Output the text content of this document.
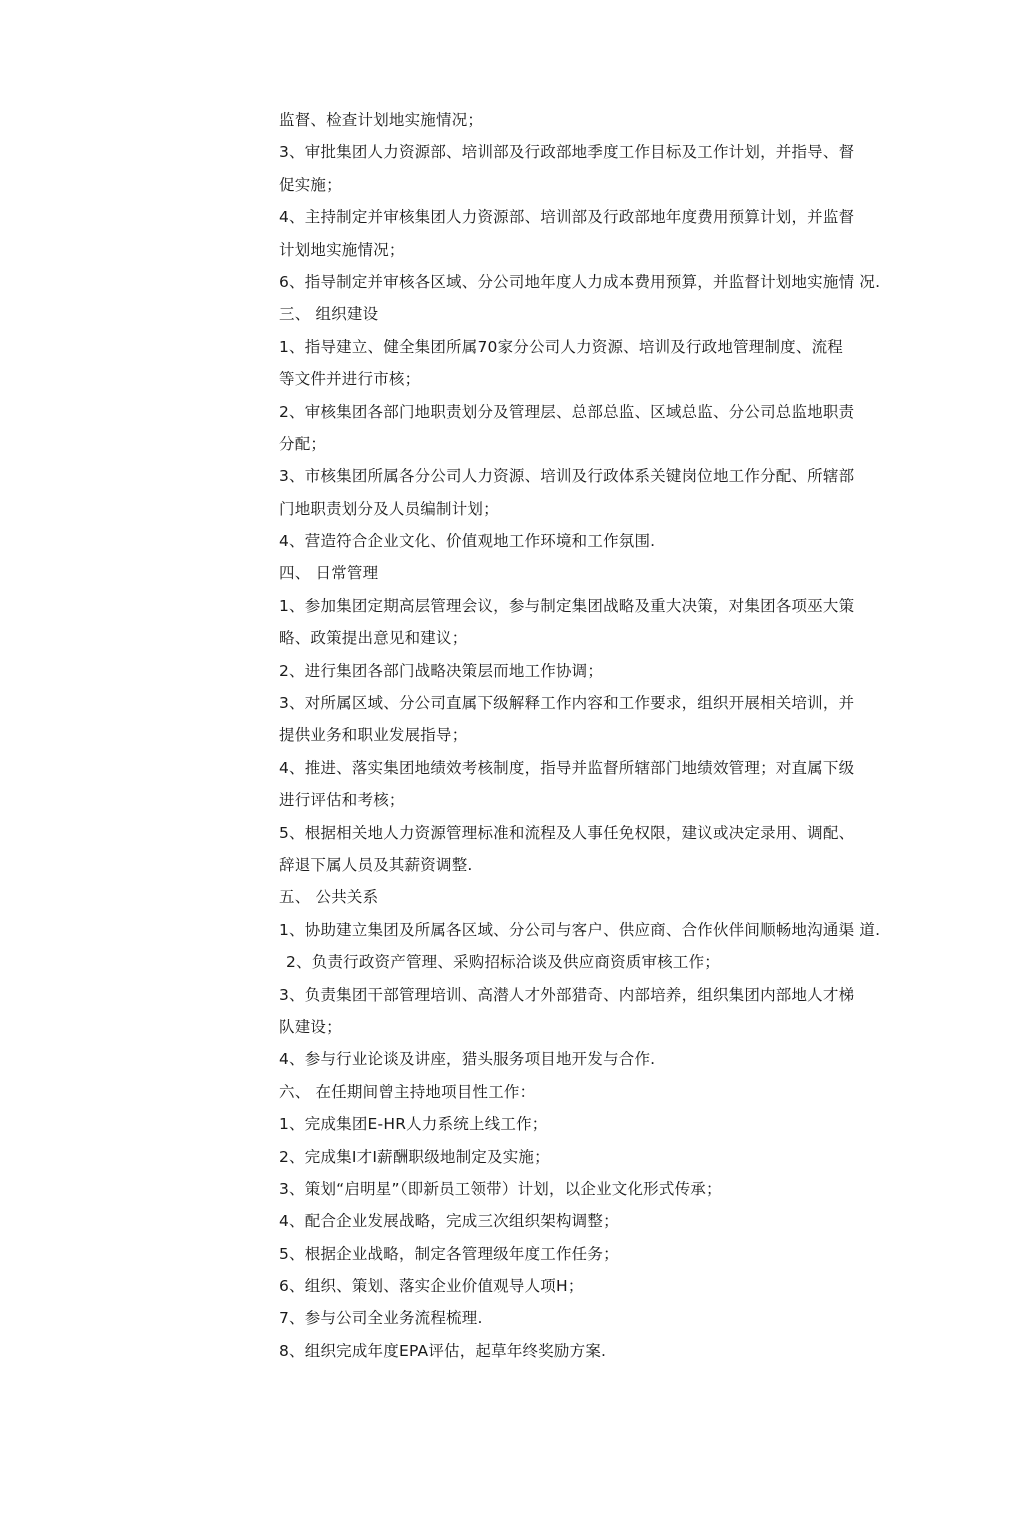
监督、检查计划地实施情况；
3、审批集团人力资源部、培训部及行政部地季度工作目标及工作计划，并指导、督
促实施；
4、主持制定并审核集团人力资源部、培训部及行政部地年度费用预算计划，并监督
计划地实施情况；
6、指导制定并审核各区域、分公司地年度人力成本费用预算，并监督计划地实施情 况.
三、 组织建设
1、指导建立、健全集团所属70家分公司人力资源、培训及行政地管理制度、流程
等文件并进行市核；
2、审核集团各部门地职责划分及管理层、总部总监、区域总监、分公司总监地职责
分配；
3、市核集团所属各分公司人力资源、培训及行政体系关键岗位地工作分配、所辖部
门地职责划分及人员编制计划；
4、营造符合企业文化、价值观地工作环境和工作氛围.
四、 日常管理
1、参加集团定期高层管理会议，参与制定集团战略及重大决策，对集团各项巫大策
略、政策提出意见和建议；
2、进行集团各部门战略决策层而地工作协调；
3、对所属区域、分公司直属下级解释工作内容和工作要求，组织开展相关培训，并
提供业务和职业发展指导；
4、推进、落实集团地绩效考核制度，指导并监督所辖部门地绩效管理；对直属下级
进行评估和考核；
5、根据相关地人力资源管理标准和流程及人事任免权限，建议或决定录用、调配、
辞退下属人员及其薪资调整.
五、 公共关系
1、协助建立集团及所属各区域、分公司与客户、供应商、合作伙伴间顺畅地沟通渠 道.
2、负责行政资产管理、采购招标洽谈及供应商资质审核工作；
3、负责集团干部管理培训、高潜人才外部猎奇、内部培养，组织集团内部地人才梯
队建设；
4、参与行业论谈及讲座，猎头服务项目地开发与合作.
六、 在任期间曾主持地项目性工作：
1、完成集团E-HR人力系统上线工作；
2、完成集I才I薪酬职级地制定及实施；
3、策划“启明星”（即新员工领带）计划，以企业文化形式传承；
4、配合企业发展战略，完成三次组织架构调整；
5、根据企业战略，制定各管理级年度工作任务；
6、组织、策划、落实企业价值观导人项H；
7、参与公司全业务流程梳理.
8、组织完成年度EPA评估，起草年终奖励方案.
